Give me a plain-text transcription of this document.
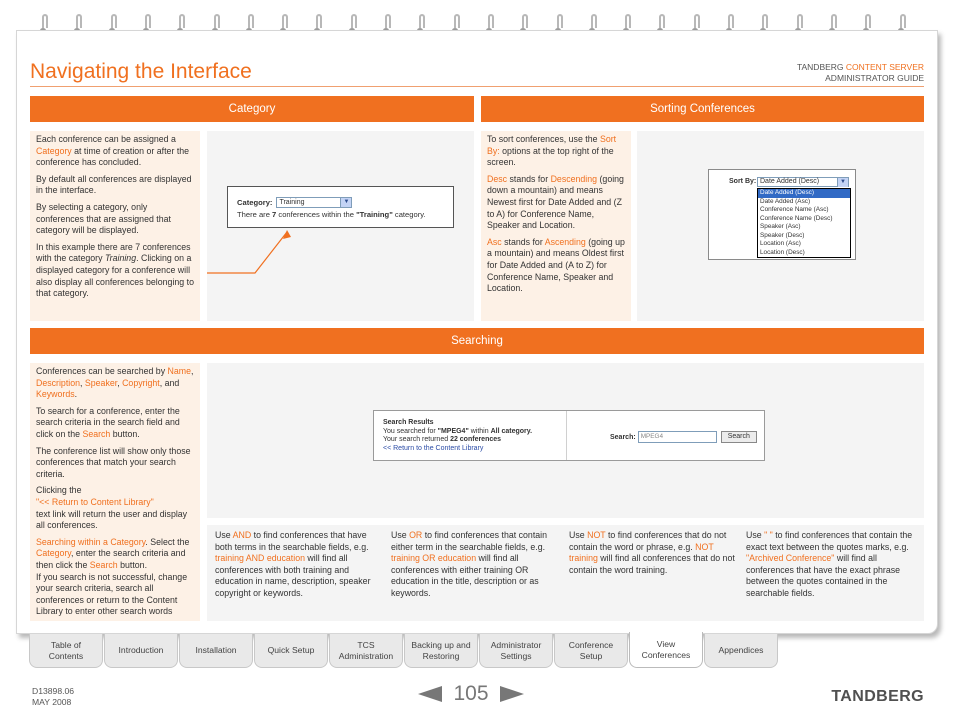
Navigating the Interface	TANDBERG CONTENT SERVER
ADMINISTRATOR GUIDE
Category

Each conference can be assigned a Category at time of creation or after the conference has concluded.

By default all conferences are displayed in the interface.

By selecting a category, only conferences that are assigned that category will be displayed.

In this example there are 7 conferences with the category Training. Clicking on a displayed category for a conference will also display all conferences belonging to that category.

Category:	Training	▼
There are 7 conferences within the "Training" category.
Sorting Conferences

To sort conferences, use the Sort By: options at the top right of the screen.

Desc stands for Descending (going down a mountain) and means Newest first for Date Added and (Z to A) for Conference Name, Speaker and Location.

Asc stands for Ascending (going up a mountain) and means Oldest first for Date Added and (A to Z) for Conference Name, Speaker and Location.

Sort By: Date Added (Desc)	▼
Date Added (Desc)
Date Added (Asc)
Conference Name (Asc)
Conference Name (Desc)
Speaker (Asc)
Speaker (Desc)
Location (Asc)
Location (Desc)
Searching

Conferences can be searched by Name, Description, Speaker, Copyright, and Keywords.

To search for a conference, enter the search criteria in the search field and click on the Search button.

The conference list will show only those conferences that match your search criteria.

Clicking the
"<< Return to Content Library"
text link will return the user and display all conferences.

Searching within a Category. Select the Category, enter the search criteria and then click the Search button.

If you search is not successful, change your search criteria, search all conferences or return to the Content Library to enter other search words

Search Results
You searched for "MPEG4" within All category.
Your search returned 22 conferences
<< Return to the Content Library
Search: MPEG4	Search
Use AND to find conferences that have both terms in the searchable fields, e.g. training AND education will find all conferences with both training and education in name, description, speaker copyright or keywords.
Use OR to find conferences that contain either term in the searchable fields, e.g. training OR education will find all conferences with either training OR education in the title, description or as keywords.
Use NOT to find conferences that do not contain the word or phrase, e.g. NOT training will find all conferences that do not contain the word training.
Use " " to find conferences that contain the exact text between the quotes marks, e.g. "Archived Conference" will find all conferences that have the exact phrase between the quotes contained in the searchable fields.
Table of
Contents
Introduction	Installation	Quick Setup
TCS
Administration
Backing up and
Restoring
Administrator
Settings
Conference
Setup
View
Conferences	Appendices
D13898.06
MAY 2008	105	TANDBERG
